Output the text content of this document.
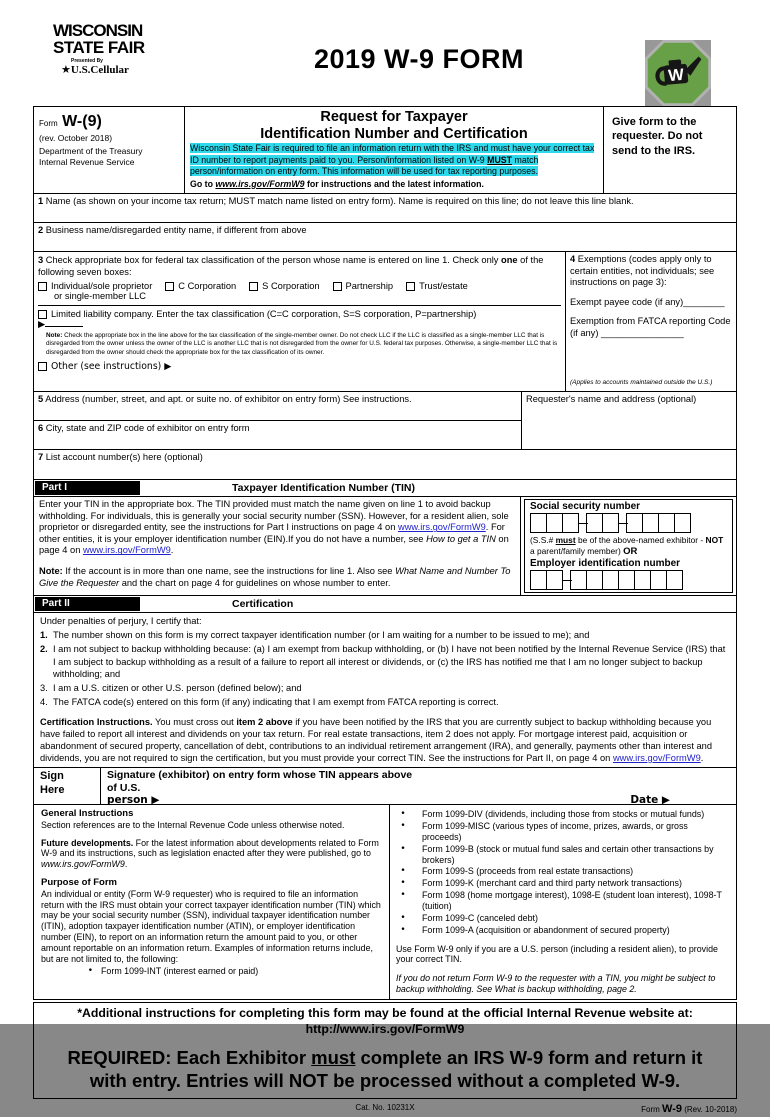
WISCONSIN
STATE FAIR
Presented By
★U.S.Cellular	2019 W-9 FORM
W
Form W-(9)
(rev. October 2018)
Department of the Treasury
Internal Revenue Service
Request for Taxpayer
Identification Number and Certification
Wisconsin State Fair is required to file an information return with the IRS and must have your correct tax ID number to report payments paid to you. Person/information listed on W-9 MUST match person/information on entry form. This information will be used for tax reporting purposes.
Go to www.irs.gov/FormW9 for instructions and the latest information.
Give form to the requester. Do not send to the IRS.
1 Name (as shown on your income tax return; MUST match name listed on entry form). Name is required on this line; do not leave this line blank.
2 Business name/disregarded entity name, if different from above
3 Check appropriate box for federal tax classification of the person whose name is entered on line 1. Check only one of the following seven boxes:
Individual/sole proprietor	C Corporation	S Corporation	Partnership	Trust/estate
or single-member LLC
Limited liability company. Enter the tax classification (C=C corporation, S=S corporation, P=partnership)
▶
Note: Check the appropriate box in the line above for the tax classification of the single-member owner. Do not check LLC if the LLC is classified as a single-member LLC that is disregarded from the owner unless the owner of the LLC is another LLC that is not disregarded from the owner for U.S. federal tax purposes. Otherwise, a single-member LLC that is disregarded from the owner should check the appropriate box for the tax classification of its owner.
Other (see instructions) ▶
4 Exemptions (codes apply only to certain entities, not individuals; see instructions on page 3):
Exempt payee code (if any)________
Exemption from FATCA reporting Code (if any) ________________
(Applies to accounts maintained outside the U.S.)
5 Address (number, street, and apt. or suite no. of exhibitor on entry form) See instructions.
6 City, state and ZIP code of exhibitor on entry form
Requester's name and address (optional)
7 List account number(s) here (optional)
Part I	Taxpayer Identification Number (TIN)

Enter your TIN in the appropriate box. The TIN provided must match the name given on line 1 to avoid backup withholding. For individuals, this is generally your social security number (SSN). However, for a resident alien, sole proprietor or disregarded entity, see the instructions for Part I instructions on page 4 on www.irs.gov/FormW9. For other entities, it is your employer identification number (EIN).If you do not have a number, see How to get a TIN on page 4 on www.irs.gov/FormW9.

Note: If the account is in more than one name, see the instructions for line 1. Also see What Name and Number To Give the Requester and the chart on page 4 for guidelines on whose number to enter.

Social security number
(S.S.# must be of the above-named exhibitor - NOT a parent/family member) OR
Employer identification number
Part II	Certification
Under penalties of perjury, I certify that:
1. The number shown on this form is my correct taxpayer identification number (or I am waiting for a number to be issued to me); and
2. I am not subject to backup withholding because: (a) I am exempt from backup withholding, or (b) I have not been notified by the Internal Revenue Service (IRS) that I am subject to backup withholding as a result of a failure to report all interest or dividends, or (c) the IRS has notified me that I am no longer subject to backup withholding; and
3. I am a U.S. citizen or other U.S. person (defined below); and
4. The FATCA code(s) entered on this form (if any) indicating that I am exempt from FATCA reporting is correct.
Certification Instructions. You must cross out item 2 above if you have been notified by the IRS that you are currently subject to backup withholding because you have failed to report all interest and dividends on your tax return. For real estate transactions, item 2 does not apply. For mortgage interest paid, acquisition or abandonment of secured property, cancellation of debt, contributions to an individual retirement arrangement (IRA), and generally, payments other than interest and dividends, you are not required to sign the certification, but you must provide your correct TIN. See the instructions for Part II, on page 4 on www.irs.gov/FormW9.
Sign
Here
Signature (exhibitor) on entry form whose TIN appears above
of U.S.
person ▶	Date ▶
General Instructions

Section references are to the Internal Revenue Code unless otherwise noted.

Future developments. For the latest information about developments related to Form W-9 and its instructions, such as legislation enacted after they were published, go to www.irs.gov/FormW9.

Purpose of Form
An individual or entity (Form W-9 requester) who is required to file an information return with the IRS must obtain your correct taxpayer identification number (TIN) which may be your social security number (SSN), individual taxpayer identification number (ITIN), adoption taxpayer identification number (ATIN), or employer identification number (EIN), to report on an information return the amount paid to you, or other amount reportable on an information return. Examples of information returns include, but are not limited to, the following:

• Form 1099-INT (interest earned or paid)
•	Form 1099-DIV (dividends, including those from stocks or mutual funds)
•	Form 1099-MISC (various types of income, prizes, awards, or gross proceeds)
•	Form 1099-B (stock or mutual fund sales and certain other transactions by brokers)
•	Form 1099-S (proceeds from real estate transactions)
•	Form 1099-K (merchant card and third party network transactions)
•	Form 1098 (home mortgage interest), 1098-E (student loan interest), 1098-T (tuition)
•	Form 1099-C (canceled debt)
•	Form 1099-A (acquisition or abandonment of secured property)

Use Form W-9 only if you are a U.S. person (including a resident alien), to provide your correct TIN.

If you do not return Form W-9 to the requester with a TIN, you might be subject to backup withholding. See What is backup withholding, page 2.

*Additional instructions for completing this form may be found at the official Internal Revenue website at:
http://www.irs.gov/FormW9
REQUIRED: Each Exhibitor must complete an IRS W-9 form and return it with entry. Entries will NOT be processed without a completed W-9.
Cat. No. 10231X	Form W-9 (Rev. 10-2018)
